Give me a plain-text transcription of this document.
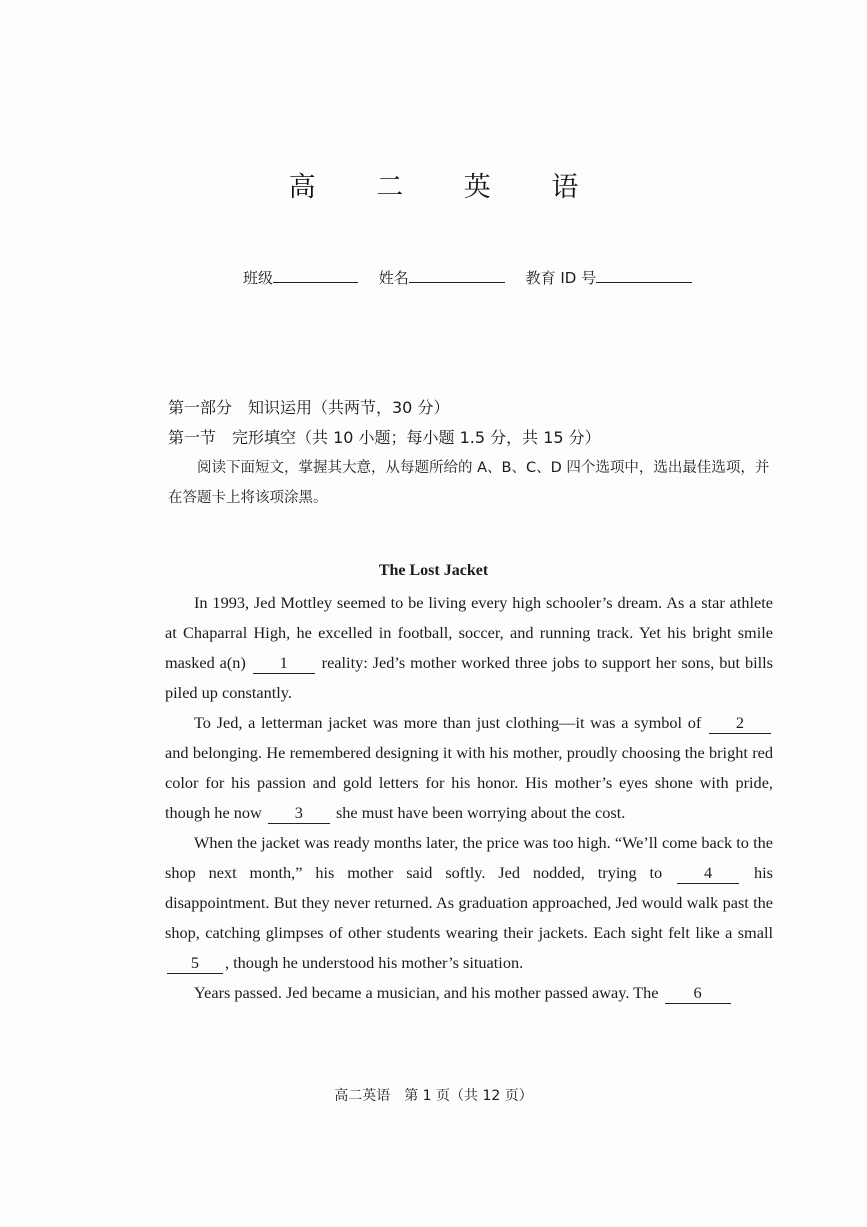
高 二 英 语
班级	姓名	教育 ID 号
第一部分　知识运用（共两节，30 分）
第一节　完形填空（共 10 小题；每小题 1.5 分，共 15 分）
阅读下面短文，掌握其大意，从每题所给的 A、B、C、D 四个选项中，选出最佳选项，并在答题卡上将该项涂黑。
The Lost Jacket

In 1993, Jed Mottley seemed to be living every high schooler’s dream. As a star athlete at Chaparral High, he excelled in football, soccer, and running track. Yet his bright smile masked a(n) 1 reality: Jed’s mother worked three jobs to support her sons, but bills piled up constantly.

To Jed, a letterman jacket was more than just clothing—it was a symbol of 2 and belonging. He remembered designing it with his mother, proudly choosing the bright red color for his passion and gold letters for his honor. His mother’s eyes shone with pride, though he now 3 she must have been worrying about the cost.

When the jacket was ready months later, the price was too high. “We’ll come back to the shop next month,” his mother said softly. Jed nodded, trying to	4	his disappointment. But they never returned. As graduation approached, Jed would walk past the shop, catching glimpses of other students wearing their jackets. Each sight felt like a small 5 , though he understood his mother’s situation.

Years passed. Jed became a musician, and his mother passed away. The 6

高二英语　第 1 页（共 12 页）
